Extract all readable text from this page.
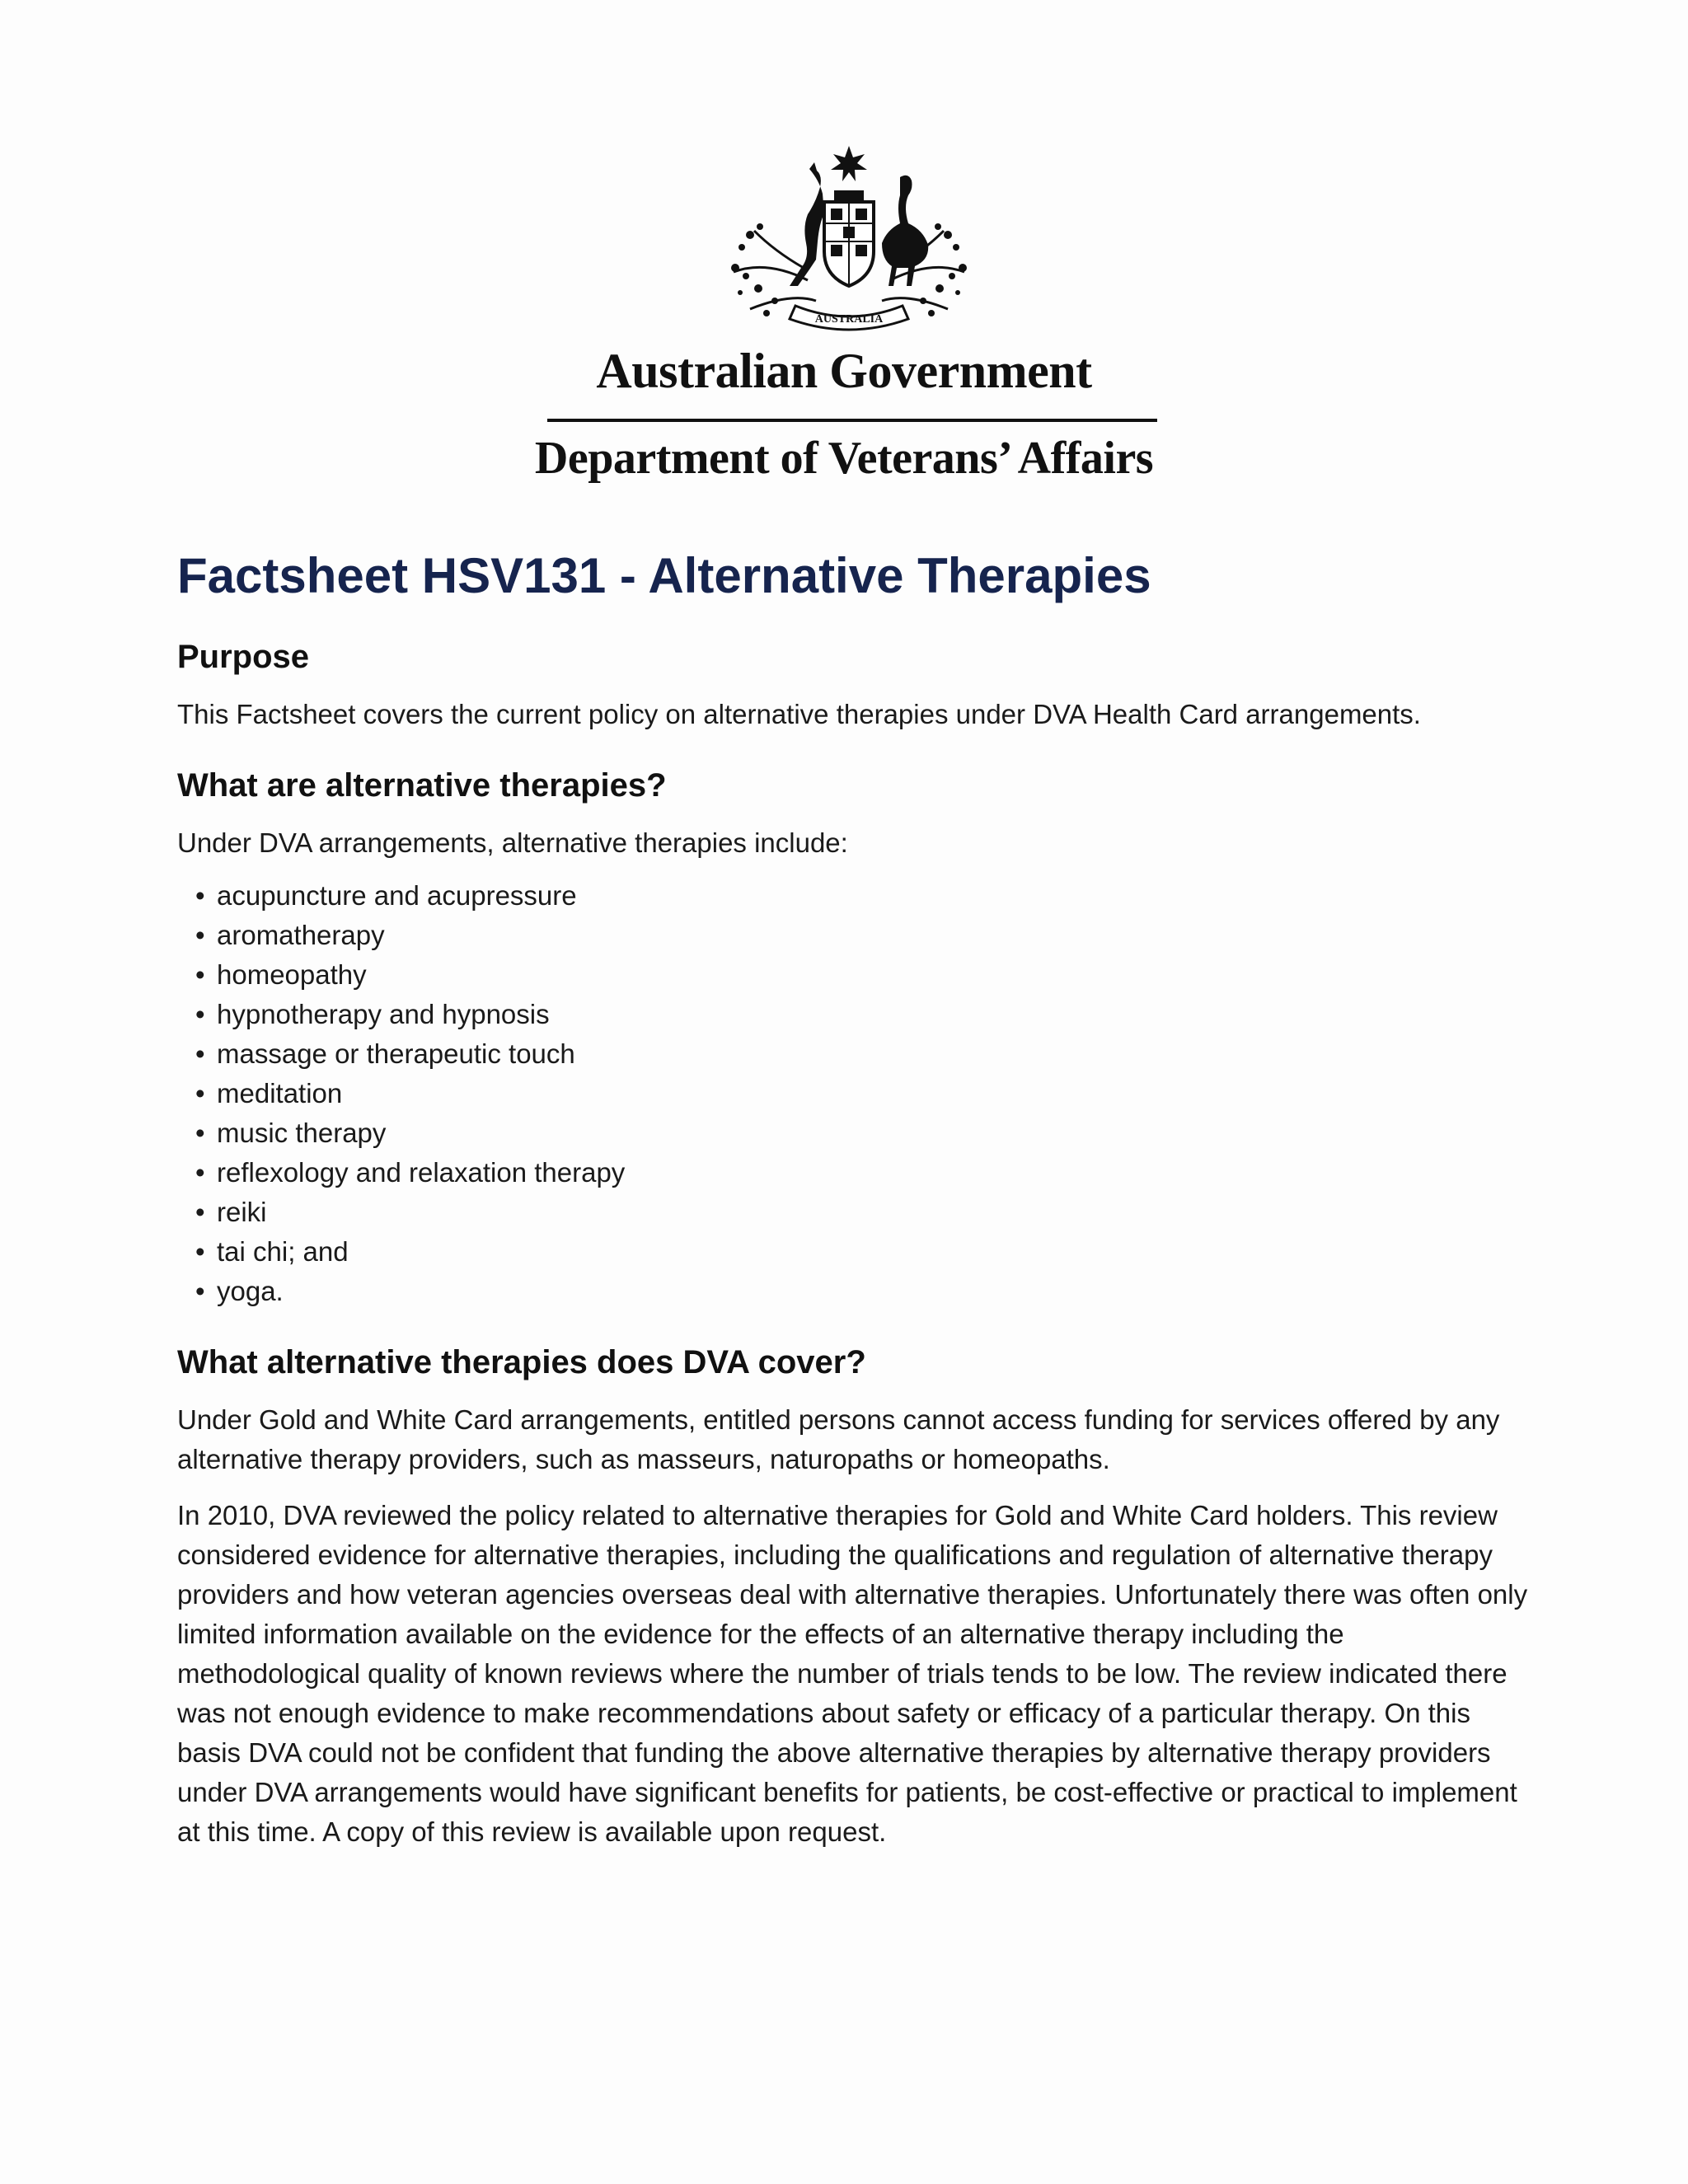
AUSTRALIA
Australian Government
Department of Veterans’ Affairs
Factsheet HSV131 - Alternative Therapies
Purpose

This Factsheet covers the current policy on alternative therapies under DVA Health Card arrangements.

What are alternative therapies?

Under DVA arrangements, alternative therapies include:

• acupuncture and acupressure
• aromatherapy
• homeopathy
• hypnotherapy and hypnosis
• massage or therapeutic touch
• meditation
• music therapy
• reflexology and relaxation therapy
• reiki
• tai chi; and
• yoga.
What alternative therapies does DVA cover?

Under Gold and White Card arrangements, entitled persons cannot access funding for services offered by any alternative therapy providers, such as masseurs, naturopaths or homeopaths.

In 2010, DVA reviewed the policy related to alternative therapies for Gold and White Card holders. This review considered evidence for alternative therapies, including the qualifications and regulation of alternative therapy providers and how veteran agencies overseas deal with alternative therapies. Unfortunately there was often only limited information available on the evidence for the effects of an alternative therapy including the methodological quality of known reviews where the number of trials tends to be low. The review indicated there was not enough evidence to make recommendations about safety or efficacy of a particular therapy. On this basis DVA could not be confident that funding the above alternative therapies by alternative therapy providers under DVA arrangements would have significant benefits for patients, be cost-effective or practical to implement at this time. A copy of this review is available upon request.
